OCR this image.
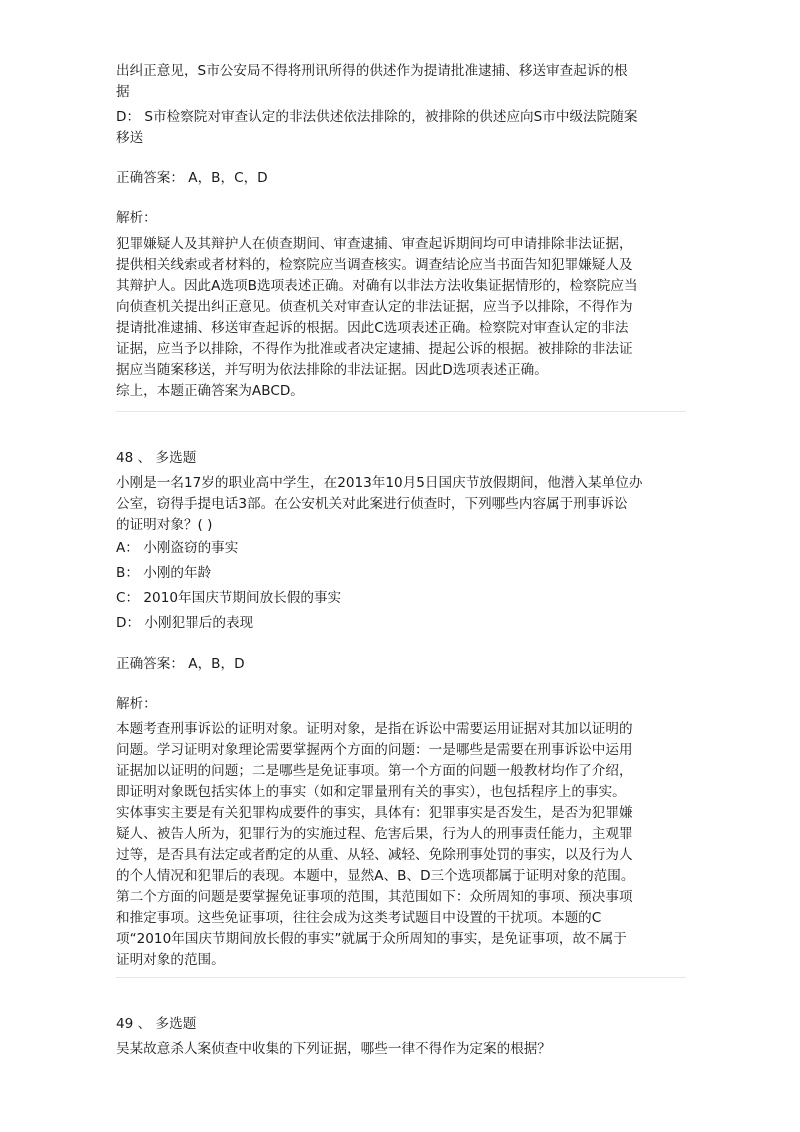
出纠正意见，S市公安局不得将刑讯所得的供述作为提请批准逮捕、移送审查起诉的根
据
D： S市检察院对审查认定的非法供述依法排除的，被排除的供述应向S市中级法院随案
移送
正确答案： A，B，C，D
解析：
犯罪嫌疑人及其辩护人在侦查期间、审查逮捕、审查起诉期间均可申请排除非法证据，
提供相关线索或者材料的，检察院应当调查核实。调查结论应当书面告知犯罪嫌疑人及
其辩护人。因此A选项B选项表述正确。对确有以非法方法收集证据情形的，检察院应当
向侦查机关提出纠正意见。侦查机关对审查认定的非法证据，应当予以排除，不得作为
提请批准逮捕、移送审查起诉的根据。因此C选项表述正确。检察院对审查认定的非法
证据，应当予以排除，不得作为批准或者决定逮捕、提起公诉的根据。被排除的非法证
据应当随案移送，并写明为依法排除的非法证据。因此D选项表述正确。
综上，本题正确答案为ABCD。
48 、 多选题
小刚是一名17岁的职业高中学生，在2013年10月5日国庆节放假期间，他潜入某单位办
公室，窃得手提电话3部。在公安机关对此案进行侦查时，下列哪些内容属于刑事诉讼
的证明对象？( )
A： 小刚盗窃的事实
B： 小刚的年龄
C： 2010年国庆节期间放长假的事实
D： 小刚犯罪后的表现
正确答案： A，B，D
解析：
本题考查刑事诉讼的证明对象。证明对象，是指在诉讼中需要运用证据对其加以证明的
问题。学习证明对象理论需要掌握两个方面的问题：一是哪些是需要在刑事诉讼中运用
证据加以证明的问题；二是哪些是免证事项。第一个方面的问题一般教材均作了介绍，
即证明对象既包括实体上的事实（如和定罪量刑有关的事实），也包括程序上的事实。
实体事实主要是有关犯罪构成要件的事实，具体有：犯罪事实是否发生，是否为犯罪嫌
疑人、被告人所为，犯罪行为的实施过程、危害后果，行为人的刑事责任能力，主观罪
过等，是否具有法定或者酌定的从重、从轻、减轻、免除刑事处罚的事实，以及行为人
的个人情况和犯罪后的表现。本题中，显然A、B、D三个选项都属于证明对象的范围。
第二个方面的问题是要掌握免证事项的范围，其范围如下：众所周知的事项、预决事项
和推定事项。这些免证事项，往往会成为这类考试题目中设置的干扰项。本题的C
项“2010年国庆节期间放长假的事实”就属于众所周知的事实，是免证事项，故不属于
证明对象的范围。
49 、 多选题
吴某故意杀人案侦查中收集的下列证据，哪些一律不得作为定案的根据？
